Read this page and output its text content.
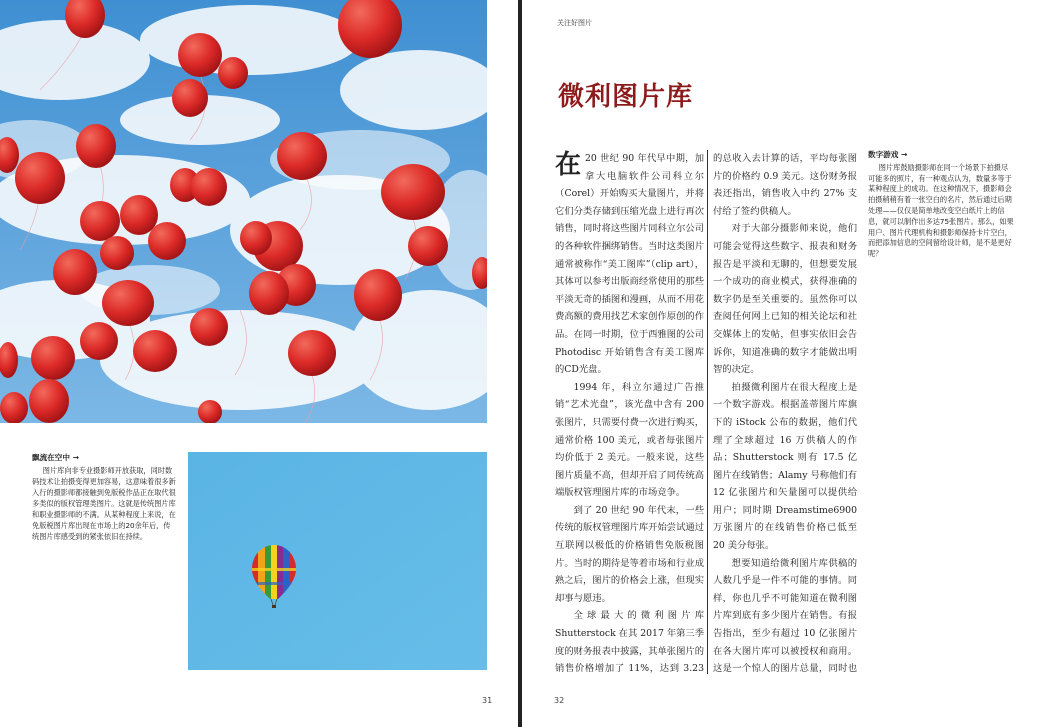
飘流在空中 →

图片库向非专业摄影师开放获取，同时数码技术让拍摄变得更加容易，这意味着很多新入行的摄影师都接触到免版税作品正在取代很多类似的版权管理类图片。这就是传统图片库和职业摄影师的不满。从某种程度上来说，在免版税图片库出现在市场上的20余年后，传统图片库感受到的紧张依旧在持续。

31
关注好图片
微利图片库

在 20 世纪 90 年代早中期，加拿大电脑软件公司科立尔（Corel）开始购买大量图片，并将它们分类存储到压缩光盘上进行再次销售，同时将这些图片同科立尔公司的各种软件捆绑销售。当时这类图片通常被称作“美工图库”（clip art），其体可以参考出版商经常使用的那些平淡无奇的插图和漫画，从而不用花费高额的费用找艺术家创作原创的作品。在同一时期，位于西雅图的公司 Photodisc 开始销售含有美工图库的CD光盘。

1994 年，科立尔通过广告推销“艺术光盘”，该光盘中含有 200 张图片，只需要付费一次进行购买，通常价格 100 美元，或者每张图片均价低于 2 美元。一般来说，这些图片质量不高，但却开启了同传统高端版权管理图片库的市场竞争。

到了 20 世纪 90 年代末，一些传统的版权管理图片库开始尝试通过互联网以极低的价格销售免版税图片。当时的期待是等着市场和行业成熟之后，图片的价格会上涨，但现实却事与愿违。

全球最大的微利图片库 Shutterstock 在其 2017 年第三季度的财务报表中披露，其单张图片的销售价格增加了 11%，达到 3.23

的总收入去计算的话，平均每张图片的价格约 0.9 美元。这份财务报表还指出，销售收入中约 27% 支付给了签约供稿人。

对于大部分摄影师来说，他们可能会觉得这些数字、报表和财务报告是平淡和无聊的，但想要发展一个成功的商业模式，获得准确的数字仍是至关重要的。虽然你可以查阅任何网上已知的相关论坛和社交媒体上的发帖，但事实依旧会告诉你，知道准确的数字才能做出明智的决定。

拍摄微利图片在很大程度上是一个数字游戏。根据盖蒂图片库旗下的 iStock 公布的数据，他们代理了全球超过 16 万供稿人的作品；Shutterstock 则有 17.5 亿图片在线销售；Alamy 号称他们有 12 亿张图片和矢量图可以提供给用户；同时期 Dreamstime6900 万张图片的在线销售价格已低至 20 美分每张。

想要知道给微利图片库供稿的人数几乎是一件不可能的事情。同样，你也几乎不可能知道在微利图片库到底有多少图片在销售。有报告指出，至少有超过 10 亿张图片在各大图片库可以被授权和商用。这是一个惊人的图片总量，同时也

数字游戏 →

图片库鼓励摄影师在同一个场景下拍摄尽可能多的照片，有一种观点认为，数量多等于某种程度上的成功。在这种情况下，摄影师会拍摄稍稍有着一张空白的名片，然后通过后期处理——仅仅是简单地改变空白纸片上的信息，就可以制作出多达75张图片。那么，如果用户、图片代理机构和摄影师保持卡片空白，而把添加信息的空间留给设计师，是不是更好呢？

32
